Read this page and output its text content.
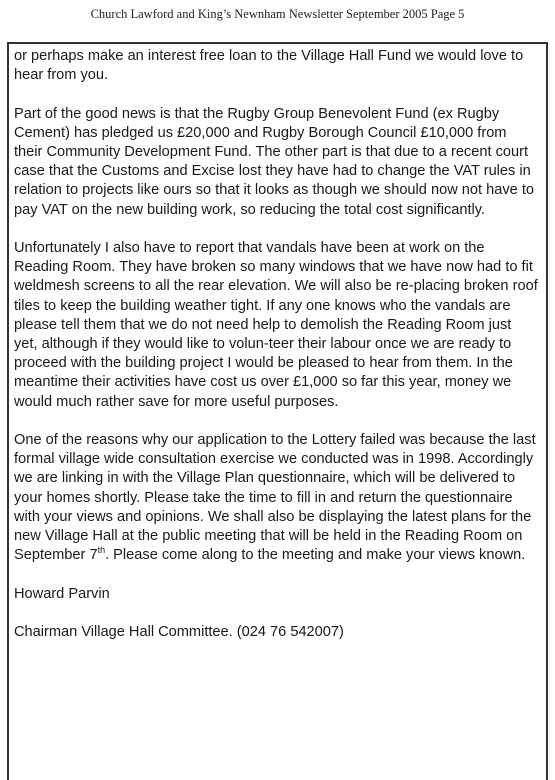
Church Lawford and King’s Newnham Newsletter September 2005 Page 5

or perhaps make an interest free loan to the Village Hall Fund we would love to hear from you.

Part of the good news is that the Rugby Group Benevolent Fund (ex Rugby Cement) has pledged us £20,000 and Rugby Borough Council £10,000 from their Community Development Fund. The other part is that due to a recent court case that the Customs and Excise lost they have had to change the VAT rules in relation to projects like ours so that it looks as though we should now not have to pay VAT on the new building work, so reducing the total cost significantly.

Unfortunately I also have to report that vandals have been at work on the Reading Room. They have broken so many windows that we have now had to fit weldmesh screens to all the rear elevation. We will also be re-placing broken roof tiles to keep the building weather tight. If any one knows who the vandals are please tell them that we do not need help to demolish the Reading Room just yet, although if they would like to volun-teer their labour once we are ready to proceed with the building project I would be pleased to hear from them. In the meantime their activities have cost us over £1,000 so far this year, money we would much rather save for more useful purposes.

One of the reasons why our application to the Lottery failed was because the last formal village wide consultation exercise we conducted was in 1998. Accordingly we are linking in with the Village Plan questionnaire, which will be delivered to your homes shortly. Please take the time to fill in and return the questionnaire with your views and opinions. We shall also be displaying the latest plans for the new Village Hall at the public meeting that will be held in the Reading Room on September 7th. Please come along to the meeting and make your views known.

Howard Parvin

Chairman Village Hall Committee. (024 76 542007)
